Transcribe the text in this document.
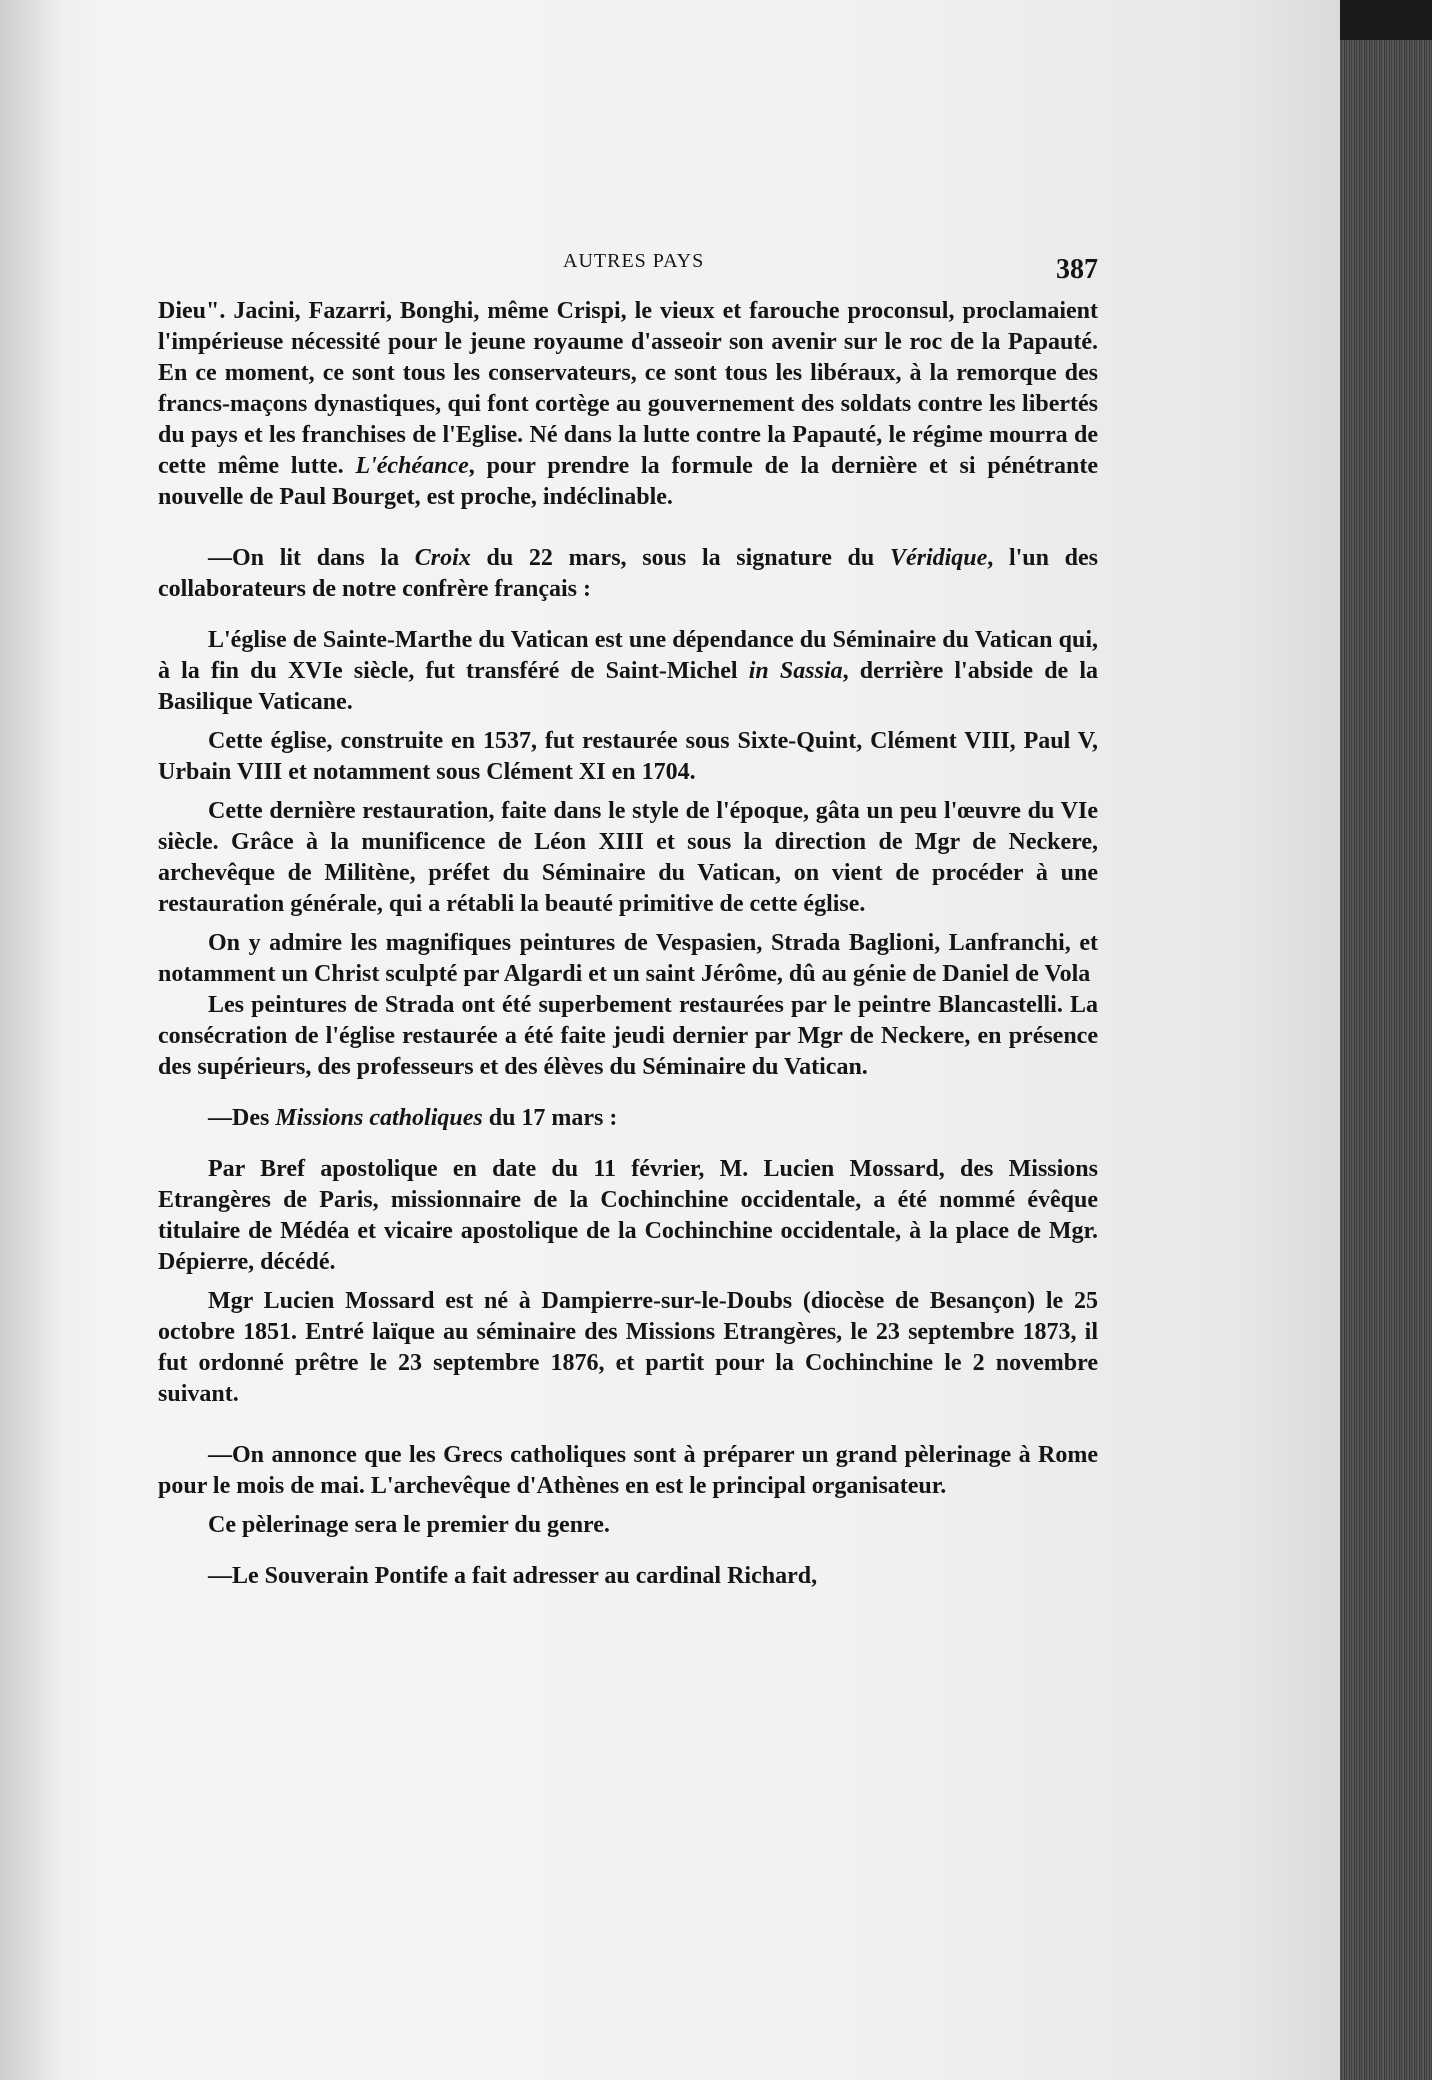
AUTRES PAYS	387

Dieu". Jacini, Fazarri, Bonghi, même Crispi, le vieux et farouche proconsul, proclamaient l'impérieuse nécessité pour le jeune royaume d'asseoir son avenir sur le roc de la Papauté. En ce moment, ce sont tous les conservateurs, ce sont tous les libéraux, à la remorque des francs-maçons dynastiques, qui font cortège au gouvernement des soldats contre les libertés du pays et les franchises de l'Eglise. Né dans la lutte contre la Papauté, le régime mourra de cette même lutte. L'échéance, pour prendre la formule de la dernière et si pénétrante nouvelle de Paul Bourget, est proche, indéclinable.

—On lit dans la Croix du 22 mars, sous la signature du Véridique, l'un des collaborateurs de notre confrère français :

L'église de Sainte-Marthe du Vatican est une dépendance du Séminaire du Vatican qui, à la fin du XVIe siècle, fut transféré de Saint-Michel in Sassia, derrière l'abside de la Basilique Vaticane.

Cette église, construite en 1537, fut restaurée sous Sixte-Quint, Clément VIII, Paul V, Urbain VIII et notamment sous Clément XI en 1704.

Cette dernière restauration, faite dans le style de l'époque, gâta un peu l'œuvre du VIe siècle. Grâce à la munificence de Léon XIII et sous la direction de Mgr de Neckere, archevêque de Militène, préfet du Séminaire du Vatican, on vient de procéder à une restauration générale, qui a rétabli la beauté primitive de cette église.

On y admire les magnifiques peintures de Vespasien, Strada Baglioni, Lanfranchi, et notamment un Christ sculpté par Algardi et un saint Jérôme, dû au génie de Daniel de Vola

Les peintures de Strada ont été superbement restaurées par le peintre Blancastelli. La consécration de l'église restaurée a été faite jeudi dernier par Mgr de Neckere, en présence des supérieurs, des professeurs et des élèves du Séminaire du Vatican.

—Des Missions catholiques du 17 mars :

Par Bref apostolique en date du 11 février, M. Lucien Mossard, des Missions Etrangères de Paris, missionnaire de la Cochinchine occidentale, a été nommé évêque titulaire de Médéa et vicaire apostolique de la Cochinchine occidentale, à la place de Mgr. Dépierre, décédé.

Mgr Lucien Mossard est né à Dampierre-sur-le-Doubs (diocèse de Besançon) le 25 octobre 1851. Entré laïque au séminaire des Missions Etrangères, le 23 septembre 1873, il fut ordonné prêtre le 23 septembre 1876, et partit pour la Cochinchine le 2 novembre suivant.

—On annonce que les Grecs catholiques sont à préparer un grand pèlerinage à Rome pour le mois de mai. L'archevêque d'Athènes en est le principal organisateur.

Ce pèlerinage sera le premier du genre.

—Le Souverain Pontife a fait adresser au cardinal Richard,
